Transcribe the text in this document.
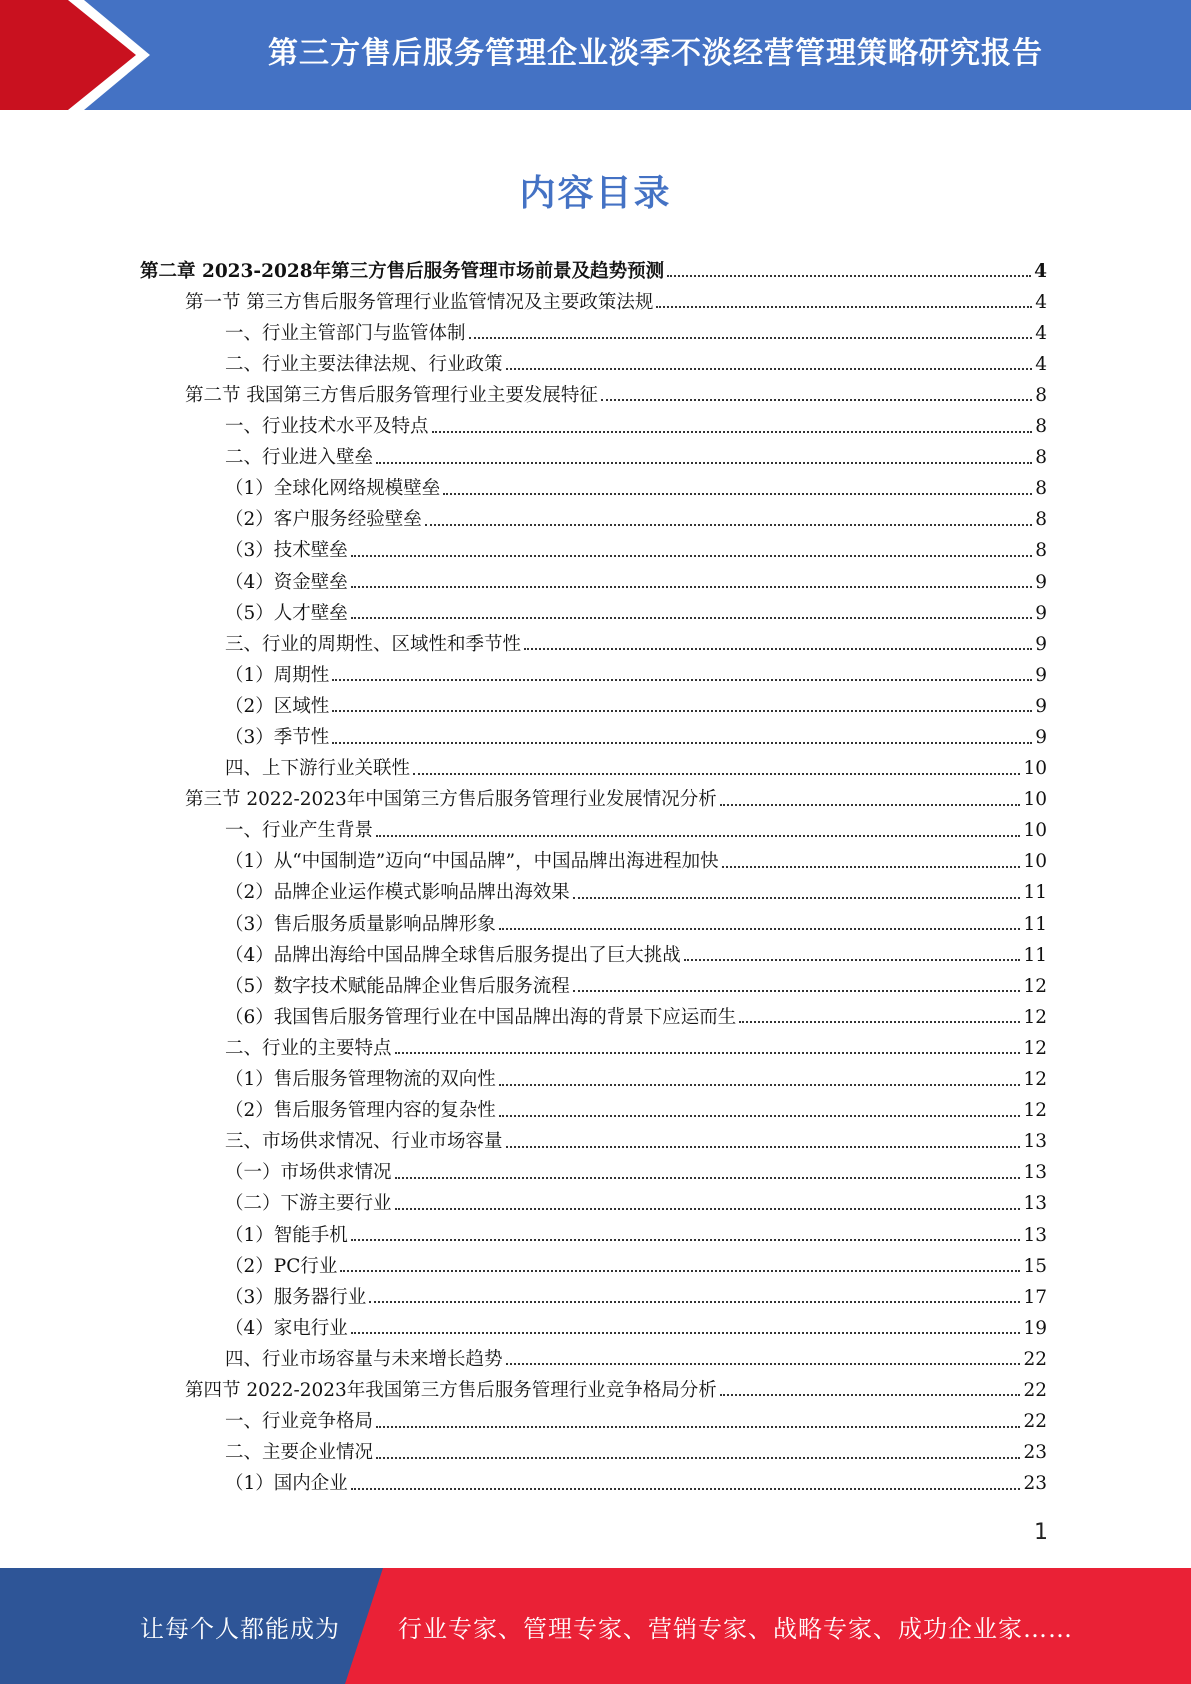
第三方售后服务管理企业淡季不淡经营管理策略研究报告
内容目录
第二章 2023-2028年第三方售后服务管理市场前景及趋势预测	4
第一节 第三方售后服务管理行业监管情况及主要政策法规	4
一、行业主管部门与监管体制	4
二、行业主要法律法规、行业政策	4
第二节 我国第三方售后服务管理行业主要发展特征	8
一、行业技术水平及特点	8
二、行业进入壁垒	8
（1）全球化网络规模壁垒	8
（2）客户服务经验壁垒	8
（3）技术壁垒	8
（4）资金壁垒	9
（5）人才壁垒	9
三、行业的周期性、区域性和季节性	9
（1）周期性	9
（2）区域性	9
（3）季节性	9
四、上下游行业关联性	10
第三节 2022-2023年中国第三方售后服务管理行业发展情况分析	10
一、行业产生背景	10
（1）从“中国制造”迈向“中国品牌”，中国品牌出海进程加快	10
（2）品牌企业运作模式影响品牌出海效果	11
（3）售后服务质量影响品牌形象	11
（4）品牌出海给中国品牌全球售后服务提出了巨大挑战	11
（5）数字技术赋能品牌企业售后服务流程	12
（6）我国售后服务管理行业在中国品牌出海的背景下应运而生	12
二、行业的主要特点	12
（1）售后服务管理物流的双向性	12
（2）售后服务管理内容的复杂性	12
三、市场供求情况、行业市场容量	13
（一）市场供求情况	13
（二）下游主要行业	13
（1）智能手机	13
（2）PC行业	15
（3）服务器行业	17
（4）家电行业	19
四、行业市场容量与未来增长趋势	22
第四节 2022-2023年我国第三方售后服务管理行业竞争格局分析	22
一、行业竞争格局	22
二、主要企业情况	23
（1）国内企业	23
1
让每个人都能成为 行业专家、管理专家、营销专家、战略专家、成功企业家……
